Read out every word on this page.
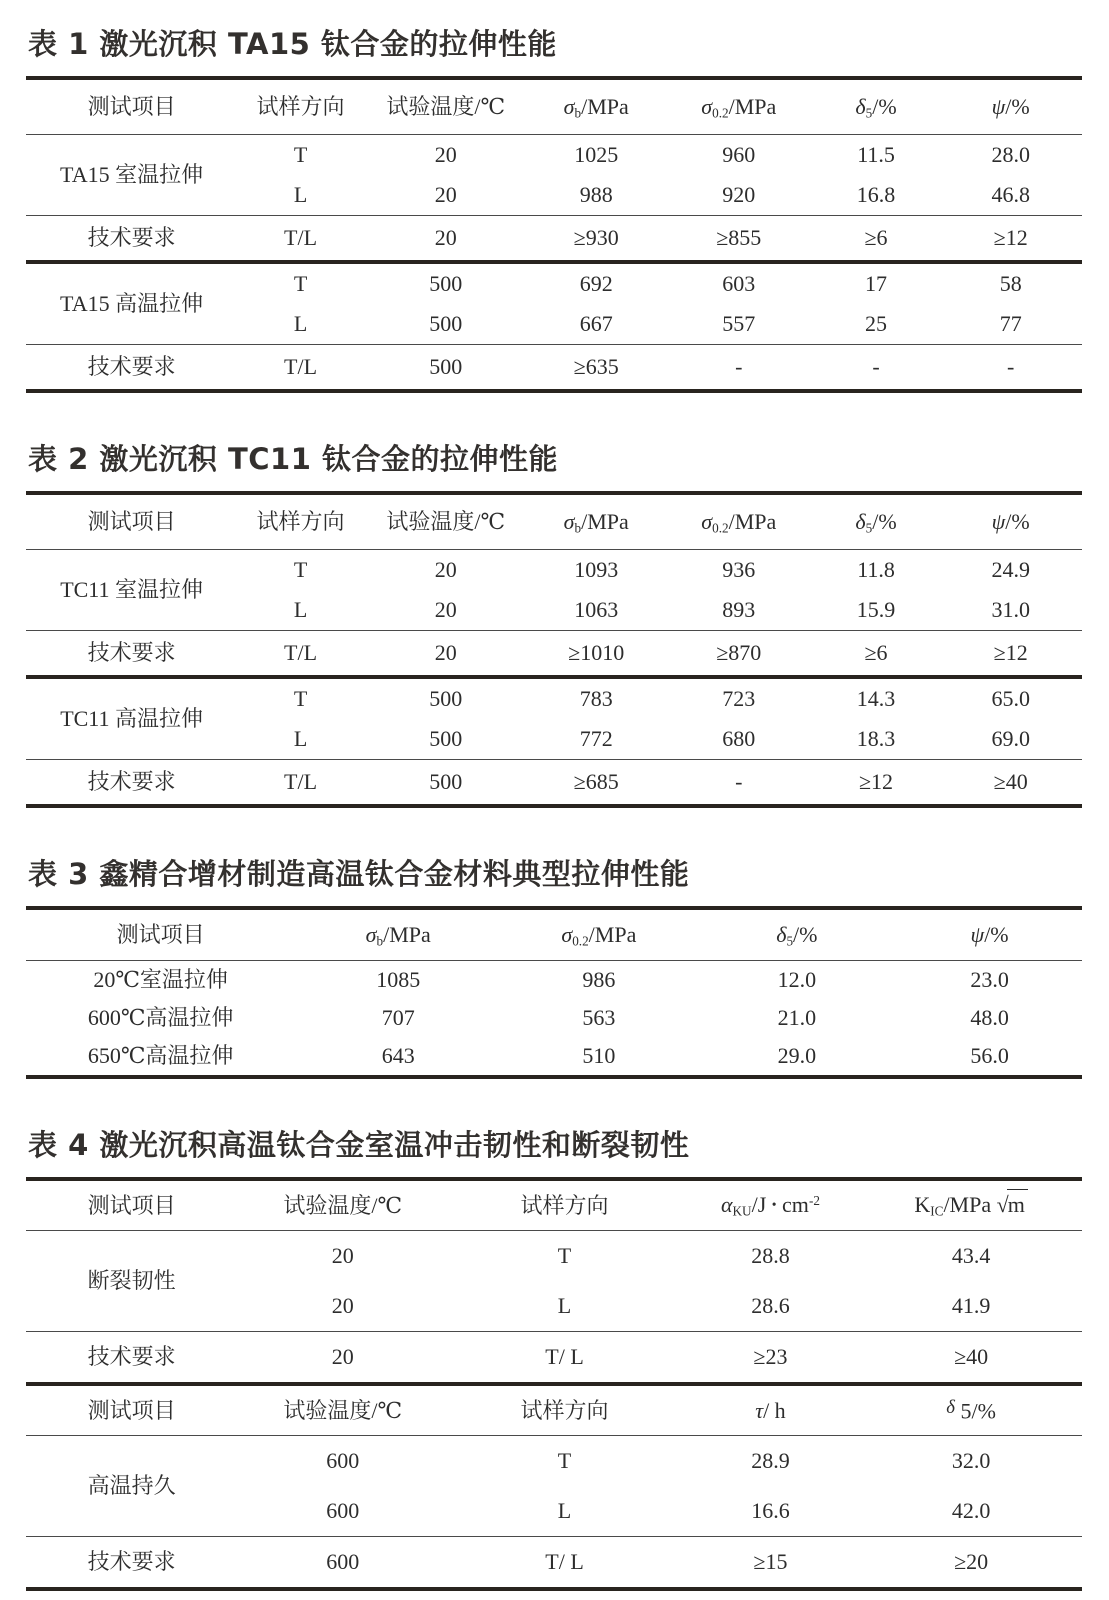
表 1 激光沉积 TA15 钛合金的拉伸性能
测试项目	试样方向	试验温度/℃	σb/MPa	σ0.2/MPa	δ5/%	ψ/%
TA15 室温拉伸	T	20	1025	960	11.5	28.0
	L	20	988	920	16.8	46.8
技术要求	T/L	20	≥930	≥855	≥6	≥12
TA15 高温拉伸	T	500	692	603	17	58
	L	500	667	557	25	77
技术要求	T/L	500	≥635	-	-	-
表 2 激光沉积 TC11 钛合金的拉伸性能
测试项目	试样方向	试验温度/℃	σb/MPa	σ0.2/MPa	δ5/%	ψ/%
TC11 室温拉伸	T	20	1093	936	11.8	24.9
	L	20	1063	893	15.9	31.0
技术要求	T/L	20	≥1010	≥870	≥6	≥12
TC11 高温拉伸	T	500	783	723	14.3	65.0
	L	500	772	680	18.3	69.0
技术要求	T/L	500	≥685	-	≥12	≥40
表 3 鑫精合增材制造高温钛合金材料典型拉伸性能
测试项目	σb/MPa	σ0.2/MPa	δ5/%	ψ/%
20℃室温拉伸	1085	986	12.0	23.0
600℃高温拉伸	707	563	21.0	48.0
650℃高温拉伸	643	510	29.0	56.0
表 4 激光沉积高温钛合金室温冲击韧性和断裂韧性
测试项目	试验温度/℃	试样方向	αKU/J • $cm^{-2}$	KIC/MPa √m
断裂韧性	20	T	28.8	43.4
	20	L	28.6	41.9
技术要求	20	T/ L	≥23	≥40
测试项目	试验温度/℃	试样方向	τ/ h	$^\delta$ 5/%
高温持久	600	T	28.9	32.0
	600	L	16.6	42.0
技术要求	600	T/ L	≥15	≥20
